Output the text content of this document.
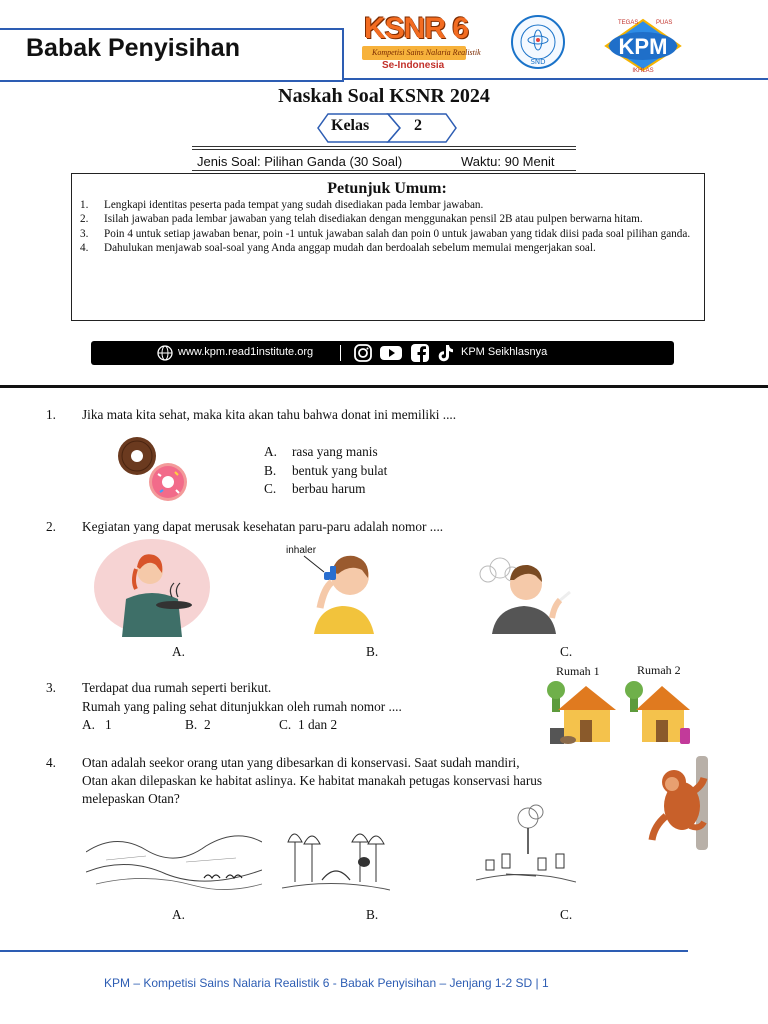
Babak Penyisihan
KSNR 6
Kompetisi Sains Nalaria Realistik
Se-Indonesia	SND
KPM
TEGAS	PUAS
IKHLAS
Naskah Soal KSNR 2024
Kelas	2
Jenis Soal: Pilihan Ganda (30 Soal)	Waktu: 90 Menit
Petunjuk Umum:
1.	Lengkapi identitas peserta pada tempat yang sudah disediakan pada lembar jawaban.
2.	Isilah jawaban pada lembar jawaban yang telah disediakan dengan menggunakan pensil 2B atau pulpen berwarna hitam.
3.	Poin 4 untuk setiap jawaban benar, poin -1 untuk jawaban salah dan poin 0 untuk jawaban yang tidak diisi pada soal pilihan ganda.
4.	Dahulukan menjawab soal-soal yang Anda anggap mudah dan berdoalah sebelum memulai mengerjakan soal.
www.kpm.read1institute.org	KPM Seikhlasnya
1. Jika mata kita sehat, maka kita akan tahu bahwa donat ini memiliki ....
A. rasa yang manis
B. bentuk yang bulat
C. berbau harum
2. Kegiatan yang dapat merusak kesehatan paru-paru adalah nomor ....
A.
inhaler
B.	C.
3. Terdapat dua rumah seperti berikut.
Rumah yang paling sehat ditunjukkan oleh rumah nomor ....
A. 1	B. 2	C. 1 dan 2
Rumah 1	Rumah 2
4. Otan adalah seekor orang utan yang dibesarkan di konservasi. Saat sudah mandiri,
Otan akan dilepaskan ke habitat aslinya. Ke habitat manakah petugas konservasi harus
melepaskan Otan?
A.	B.	C.
KPM – Kompetisi Sains Nalaria Realistik 6 - Babak Penyisihan – Jenjang 1-2 SD | 1
